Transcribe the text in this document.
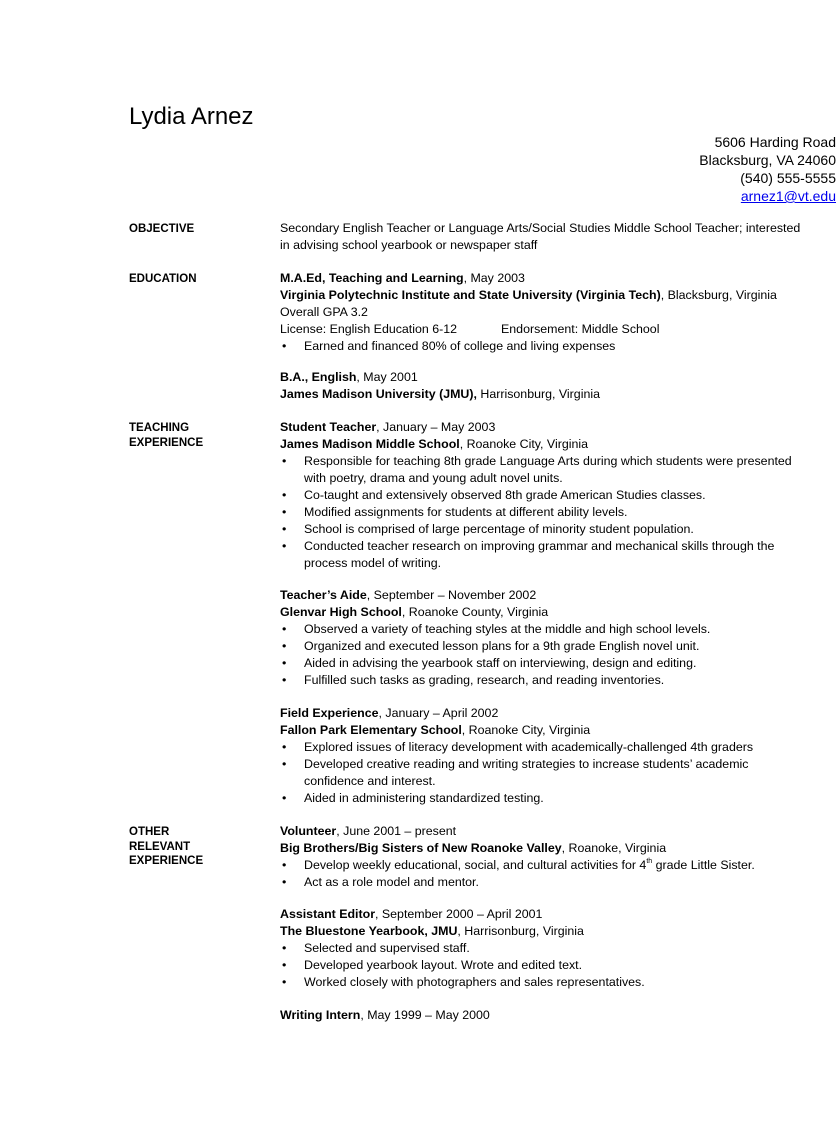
Lydia Arnez
5606 Harding Road
Blacksburg, VA 24060
(540) 555-5555
arnez1@vt.edu
OBJECTIVE	Secondary English Teacher or Language Arts/Social Studies Middle School Teacher; interested
in advising school yearbook or newspaper staff
EDUCATION	M.A.Ed, Teaching and Learning, May 2003
Virginia Polytechnic Institute and State University (Virginia Tech), Blacksburg, Virginia
Overall GPA 3.2
License: English Education 6-12	Endorsement: Middle School
• Earned and financed 80% of college and living expenses
B.A., English, May 2001
James Madison University (JMU), Harrisonburg, Virginia
TEACHING
EXPERIENCE
Student Teacher, January – May 2003
James Madison Middle School, Roanoke City, Virginia
• Responsible for teaching 8th grade Language Arts during which students were presented
with poetry, drama and young adult novel units.
• Co-taught and extensively observed 8th grade American Studies classes.
• Modified assignments for students at different ability levels.
• School is comprised of large percentage of minority student population.
• Conducted teacher research on improving grammar and mechanical skills through the
process model of writing.
Teacher’s Aide, September – November 2002
Glenvar High School, Roanoke County, Virginia
• Observed a variety of teaching styles at the middle and high school levels.
• Organized and executed lesson plans for a 9th grade English novel unit.
• Aided in advising the yearbook staff on interviewing, design and editing.
• Fulfilled such tasks as grading, research, and reading inventories.
Field Experience, January – April 2002
Fallon Park Elementary School, Roanoke City, Virginia
• Explored issues of literacy development with academically-challenged 4th graders
• Developed creative reading and writing strategies to increase students’ academic
confidence and interest.
• Aided in administering standardized testing.
OTHER
RELEVANT
EXPERIENCE
Volunteer, June 2001 – present
Big Brothers/Big Sisters of New Roanoke Valley, Roanoke, Virginia
• Develop weekly educational, social, and cultural activities for 4th grade Little Sister.
• Act as a role model and mentor.
Assistant Editor, September 2000 – April 2001
The Bluestone Yearbook, JMU, Harrisonburg, Virginia
• Selected and supervised staff.
• Developed yearbook layout. Wrote and edited text.
• Worked closely with photographers and sales representatives.
Writing Intern, May 1999 – May 2000
